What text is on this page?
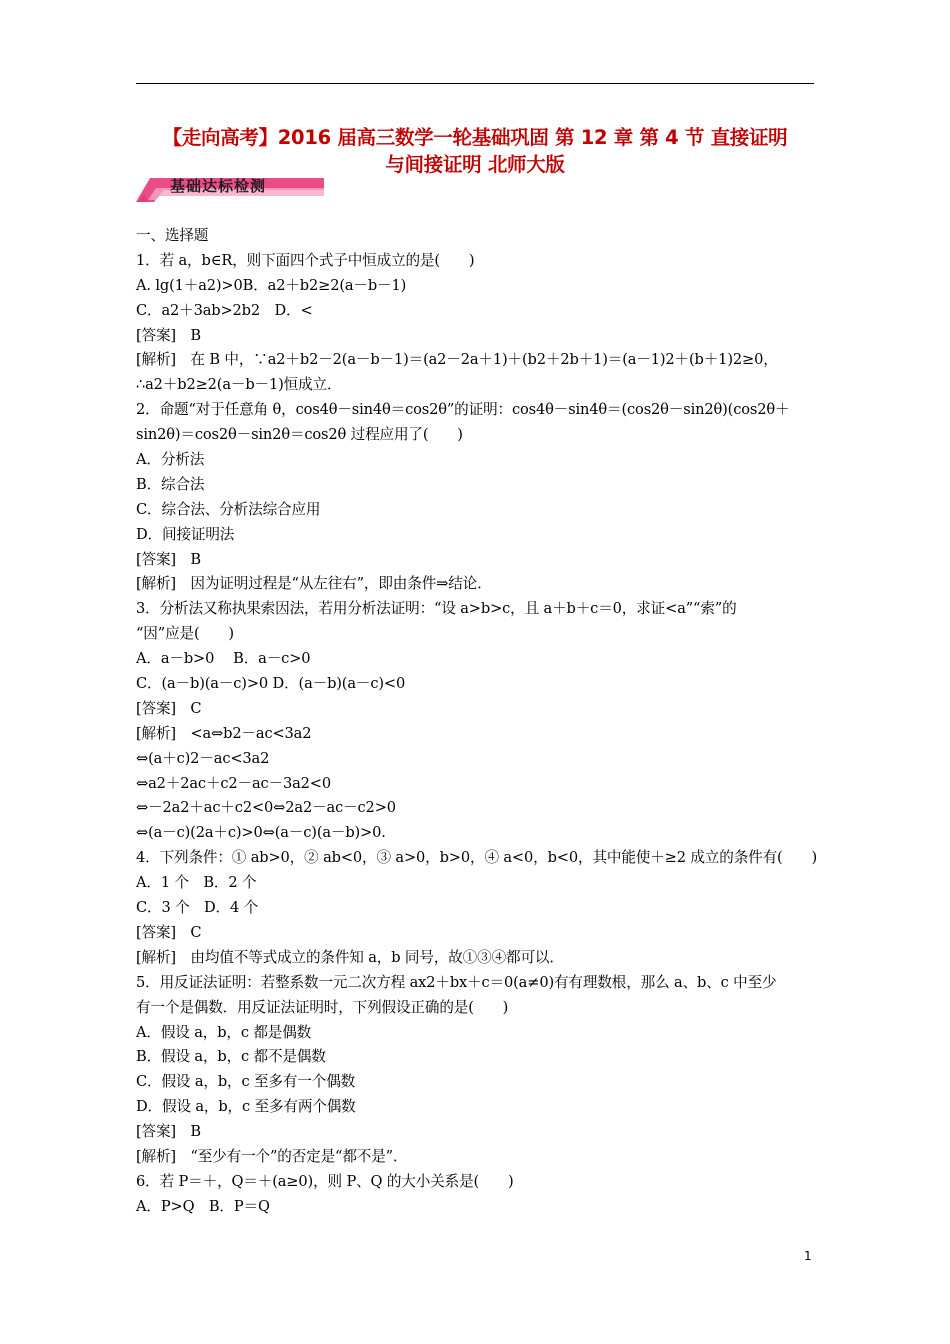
【走向高考】2016 届高三数学一轮基础巩固 第 12 章 第 4 节 直接证明
与间接证明 北师大版
基础达标检测
一、选择题
1．若 a，b∈R，则下面四个式子中恒成立的是(　　)
A. lg(1＋a2)>0B．a2＋b2≥2(a－b－1)
C．a2＋3ab>2b2　D．<
[答案]　B
[解析]　在 B 中，∵a2＋b2－2(a－b－1)＝(a2－2a＋1)＋(b2＋2b＋1)＝(a－1)2＋(b＋1)2≥0，
∴a2＋b2≥2(a－b－1)恒成立．
2．命题“对于任意角 θ，cos4θ－sin4θ＝cos2θ”的证明：cos4θ－sin4θ＝(cos2θ－sin2θ)(cos2θ＋
sin2θ)＝cos2θ－sin2θ＝cos2θ 过程应用了(　　)
A．分析法
B．综合法
C．综合法、分析法综合应用
D．间接证明法
[答案]　B
[解析]　因为证明过程是“从左往右”，即由条件⇒结论．
3．分析法又称执果索因法，若用分析法证明：“设 a>b>c，且 a＋b＋c＝0，求证<a”“索”的
“因”应是(　　)
A．a－b>0　 B．a－c>0
C．(a－b)(a－c)>0 D．(a－b)(a－c)<0
[答案]　C
[解析]　<a⇔b2－ac<3a2
⇔(a＋c)2－ac<3a2
⇔a2＋2ac＋c2－ac－3a2<0
⇔－2a2＋ac＋c2<0⇔2a2－ac－c2>0
⇔(a－c)(2a＋c)>0⇔(a－c)(a－b)>0.
4．下列条件：① ab>0，② ab<0，③ a>0，b>0，④ a<0，b<0，其中能使＋≥2 成立的条件有(　　)
A．1 个　B．2 个
C．3 个　D．4 个
[答案]　C
[解析]　由均值不等式成立的条件知 a，b 同号，故①③④都可以．
5．用反证法证明：若整系数一元二次方程 ax2＋bx＋c＝0(a≠0)有有理数根，那么 a、b、c 中至少
有一个是偶数．用反证法证明时，下列假设正确的是(　　)
A．假设 a，b，c 都是偶数
B．假设 a，b，c 都不是偶数
C．假设 a，b，c 至多有一个偶数
D．假设 a，b，c 至多有两个偶数
[答案]　B
[解析]　“至少有一个”的否定是“都不是”．
6．若 P＝＋，Q＝＋(a≥0)，则 P、Q 的大小关系是(　　)
A．P>Q　B．P＝Q
1
